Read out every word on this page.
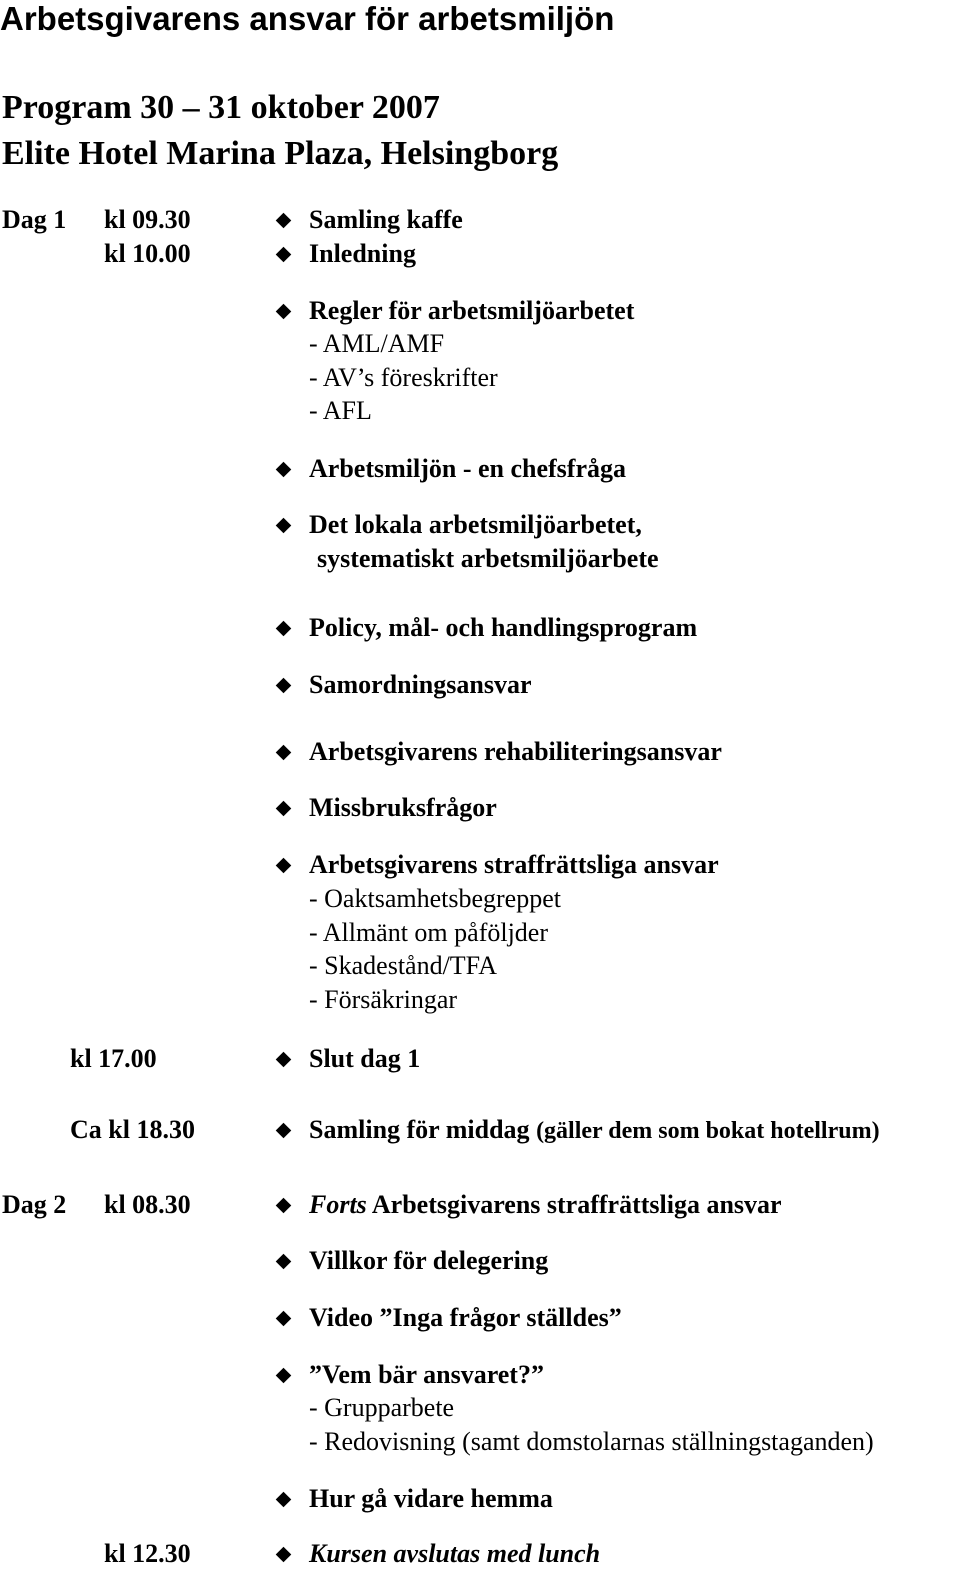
Arbetsgivarens ansvar för arbetsmiljön
Program 30 – 31 oktober 2007
Elite Hotel Marina Plaza, Helsingborg
Dag 1 kl 09.30
kl 10.00
kl 17.00
Ca kl 18.30
Dag 2 kl 08.30
kl 12.30
Samling kaffe
Inledning
Regler för arbetsmiljöarbetet
- AML/AMF
- AV’s föreskrifter
- AFL
Arbetsmiljön - en chefsfråga
Det lokala arbetsmiljöarbetet,
systematiskt arbetsmiljöarbete
Policy, mål- och handlingsprogram
Samordningsansvar
Arbetsgivarens rehabiliteringsansvar
Missbruksfrågor
Arbetsgivarens straffrättsliga ansvar
- Oaktsamhetsbegreppet
- Allmänt om påföljder
- Skadestånd/TFA
- Försäkringar
Slut dag 1
Samling för middag (gäller dem som bokat hotellrum)
Forts Arbetsgivarens straffrättsliga ansvar
Villkor för delegering
Video ”Inga frågor ställdes”
”Vem bär ansvaret?”
- Grupparbete
- Redovisning (samt domstolarnas ställningstaganden)
Hur gå vidare hemma
Kursen avslutas med lunch
